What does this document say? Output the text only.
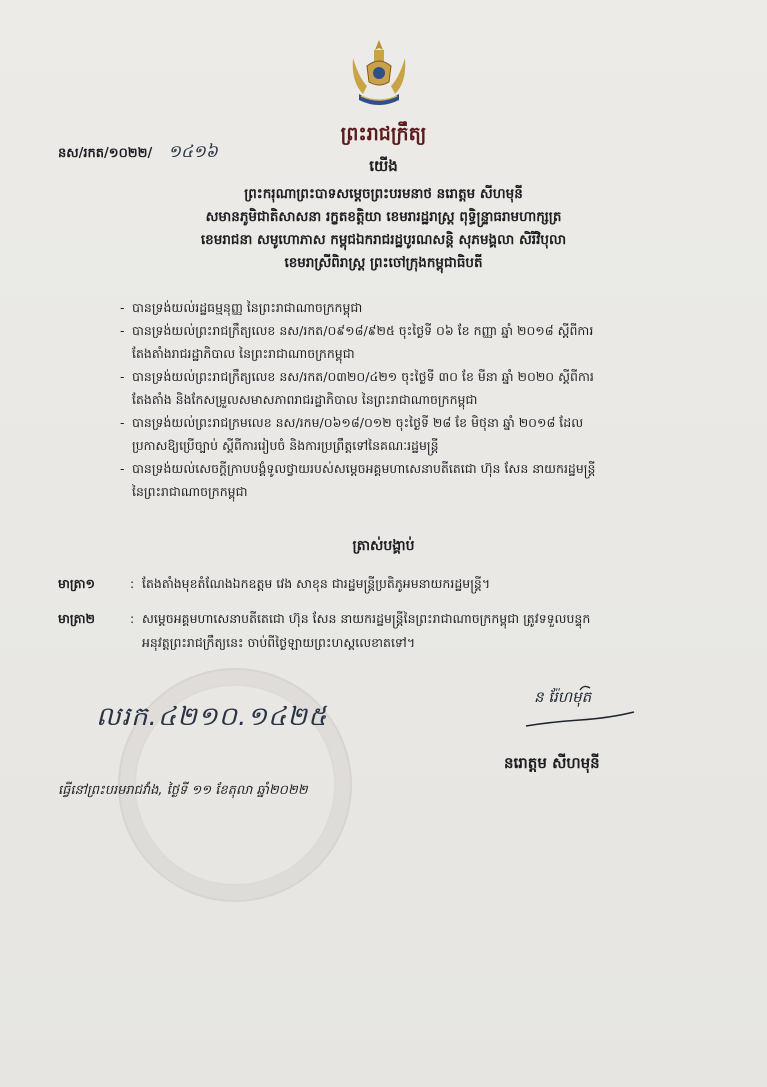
ព្រះរាជក្រឹត្យ
នស/រកត/១០២២/ ១៤១៦
យើង
ព្រះករុណាព្រះបាទសម្តេចព្រះបរមនាថ នរោត្តម សីហមុនី
សមានភូមិជាតិសាសនា រក្ខតខត្តិយា ខេមរារដ្ឋរាស្ត្រ ពុទ្ធិន្ទ្រាធរាមហាក្សត្រ
ខេមរាជនា សមូហោភាស កម្ពុជឯករាជរដ្ឋបូរណសន្តិ សុភមង្គលា សិរីវិបុលា
ខេមរាស្រីពិរាស្ត្រ ព្រះចៅក្រុងកម្ពុជាធិបតី
- បានទ្រង់យល់រដ្ឋធម្មនុញ្ញ នៃព្រះរាជាណាចក្រកម្ពុជា
- បានទ្រង់យល់ព្រះរាជក្រឹត្យលេខ នស/រកត/០៩១៨/៩២៥ ចុះថ្ងៃទី ០៦ ខែ កញ្ញា ឆ្នាំ ២០១៨ ស្តីពីការ
តែងតាំងរាជរដ្ឋាភិបាល នៃព្រះរាជាណាចក្រកម្ពុជា
- បានទ្រង់យល់ព្រះរាជក្រឹត្យលេខ នស/រកត/០៣២០/៤២១ ចុះថ្ងៃទី ៣០ ខែ មីនា ឆ្នាំ ២០២០ ស្តីពីការ
តែងតាំង និងកែសម្រួលសមាសភាពរាជរដ្ឋាភិបាល នៃព្រះរាជាណាចក្រកម្ពុជា
- បានទ្រង់យល់ព្រះរាជក្រមលេខ នស/រកម/០៦១៨/០១២ ចុះថ្ងៃទី ២៨ ខែ មិថុនា ឆ្នាំ ២០១៨ ដែល
ប្រកាសឱ្យប្រើច្បាប់ ស្តីពីការរៀបចំ និងការប្រព្រឹត្តទៅនៃគណៈរដ្ឋមន្ត្រី
- បានទ្រង់យល់សេចក្តីក្រាបបង្គំទូលថ្វាយរបស់សម្តេចអគ្គមហាសេនាបតីតេជោ ហ៊ុន សែន នាយករដ្ឋមន្ត្រី
នៃព្រះរាជាណាចក្រកម្ពុជា
ត្រាស់បង្គាប់
មាត្រា១	: តែងតាំងមុខតំណែងឯកឧត្តម វេង សាខុន ជារដ្ឋមន្ត្រីប្រតិភូអមនាយករដ្ឋមន្ត្រី។
មាត្រា២	: សម្តេចអគ្គមហាសេនាបតីតេជោ ហ៊ុន សែន នាយករដ្ឋមន្ត្រីនៃព្រះរាជាណាចក្រកម្ពុជា ត្រូវទទួលបន្ទុក
អនុវត្តព្រះរាជក្រឹត្យនេះ ចាប់ពីថ្ងៃឡាយព្រះហស្តលេខាតទៅ។
លរក.៤២១០.១៤២៥
ន រ៉ែហមុត
នរោត្តម សីហមុនី
ធ្វើនៅព្រះបរមរាជវាំង, ថ្ងៃទី ១១ ខែតុលា ឆ្នាំ២០២២
